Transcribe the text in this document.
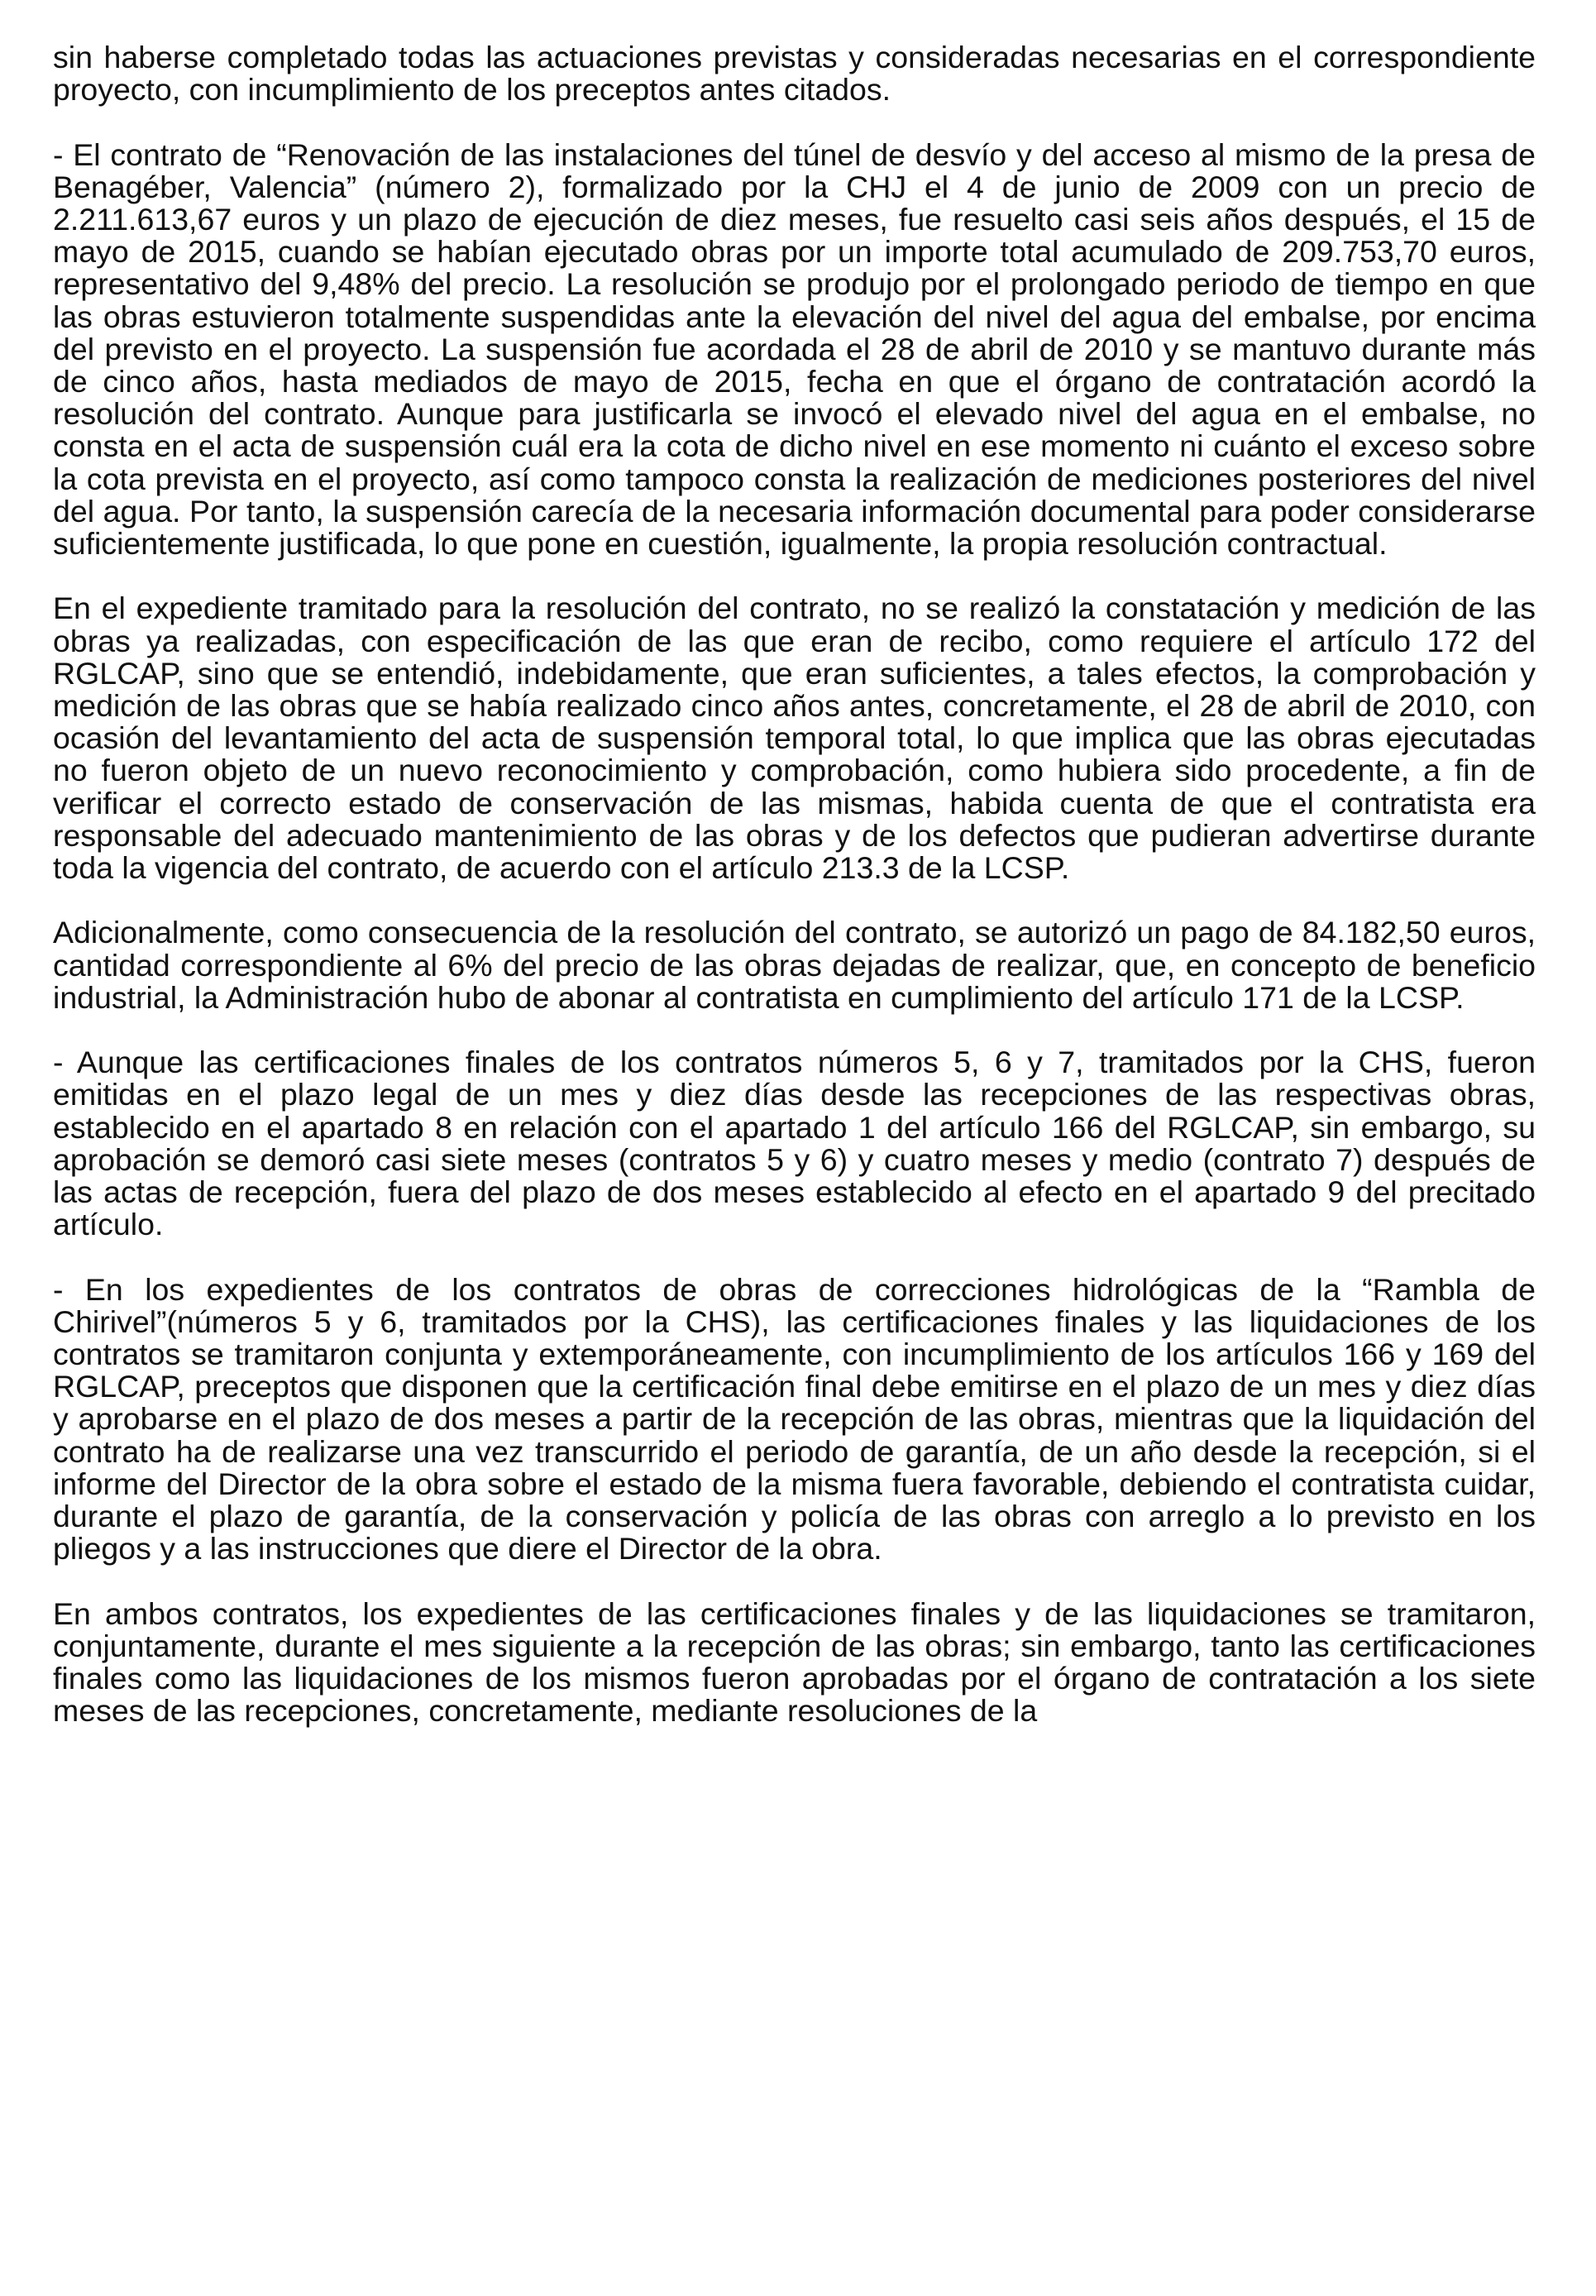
sin haberse completado todas las actuaciones previstas y consideradas necesarias en el correspondiente proyecto, con incumplimiento de los preceptos antes citados.

- El contrato de “Renovación de las instalaciones del túnel de desvío y del acceso al mismo de la presa de Benagéber, Valencia” (número 2), formalizado por la CHJ el 4 de junio de 2009 con un precio de 2.211.613,67 euros y un plazo de ejecución de diez meses, fue resuelto casi seis años después, el 15 de mayo de 2015, cuando se habían ejecutado obras por un importe total acumulado de 209.753,70 euros, representativo del 9,48% del precio. La resolución se produjo por el prolongado periodo de tiempo en que las obras estuvieron totalmente suspendidas ante la elevación del nivel del agua del embalse, por encima del previsto en el proyecto. La suspensión fue acordada el 28 de abril de 2010 y se mantuvo durante más de cinco años, hasta mediados de mayo de 2015, fecha en que el órgano de contratación acordó la resolución del contrato. Aunque para justificarla se invocó el elevado nivel del agua en el embalse, no consta en el acta de suspensión cuál era la cota de dicho nivel en ese momento ni cuánto el exceso sobre la cota prevista en el proyecto, así como tampoco consta la realización de mediciones posteriores del nivel del agua. Por tanto, la suspensión carecía de la necesaria información documental para poder considerarse suficientemente justificada, lo que pone en cuestión, igualmente, la propia resolución contractual.

En el expediente tramitado para la resolución del contrato, no se realizó la constatación y medición de las obras ya realizadas, con especificación de las que eran de recibo, como requiere el artículo 172 del RGLCAP, sino que se entendió, indebidamente, que eran suficientes, a tales efectos, la comprobación y medición de las obras que se había realizado cinco años antes, concretamente, el 28 de abril de 2010, con ocasión del levantamiento del acta de suspensión temporal total, lo que implica que las obras ejecutadas no fueron objeto de un nuevo reconocimiento y comprobación, como hubiera sido procedente, a fin de verificar el correcto estado de conservación de las mismas, habida cuenta de que el contratista era responsable del adecuado mantenimiento de las obras y de los defectos que pudieran advertirse durante toda la vigencia del contrato, de acuerdo con el artículo 213.3 de la LCSP.

Adicionalmente, como consecuencia de la resolución del contrato, se autorizó un pago de 84.182,50 euros, cantidad correspondiente al 6% del precio de las obras dejadas de realizar, que, en concepto de beneficio industrial, la Administración hubo de abonar al contratista en cumplimiento del artículo 171 de la LCSP.

- Aunque las certificaciones finales de los contratos números 5, 6 y 7, tramitados por la CHS, fueron emitidas en el plazo legal de un mes y diez días desde las recepciones de las respectivas obras, establecido en el apartado 8 en relación con el apartado 1 del artículo 166 del RGLCAP, sin embargo, su aprobación se demoró casi siete meses (contratos 5 y 6) y cuatro meses y medio (contrato 7) después de las actas de recepción, fuera del plazo de dos meses establecido al efecto en el apartado 9 del precitado artículo.

- En los expedientes de los contratos de obras de correcciones hidrológicas de la “Rambla de Chirivel”(números 5 y 6, tramitados por la CHS), las certificaciones finales y las liquidaciones de los contratos se tramitaron conjunta y extemporáneamente, con incumplimiento de los artículos 166 y 169 del RGLCAP, preceptos que disponen que la certificación final debe emitirse en el plazo de un mes y diez días y aprobarse en el plazo de dos meses a partir de la recepción de las obras, mientras que la liquidación del contrato ha de realizarse una vez transcurrido el periodo de garantía, de un año desde la recepción, si el informe del Director de la obra sobre el estado de la misma fuera favorable, debiendo el contratista cuidar, durante el plazo de garantía, de la conservación y policía de las obras con arreglo a lo previsto en los pliegos y a las instrucciones que diere el Director de la obra.

En ambos contratos, los expedientes de las certificaciones finales y de las liquidaciones se tramitaron, conjuntamente, durante el mes siguiente a la recepción de las obras; sin embargo, tanto las certificaciones finales como las liquidaciones de los mismos fueron aprobadas por el órgano de contratación a los siete meses de las recepciones, concretamente, mediante resoluciones de la
